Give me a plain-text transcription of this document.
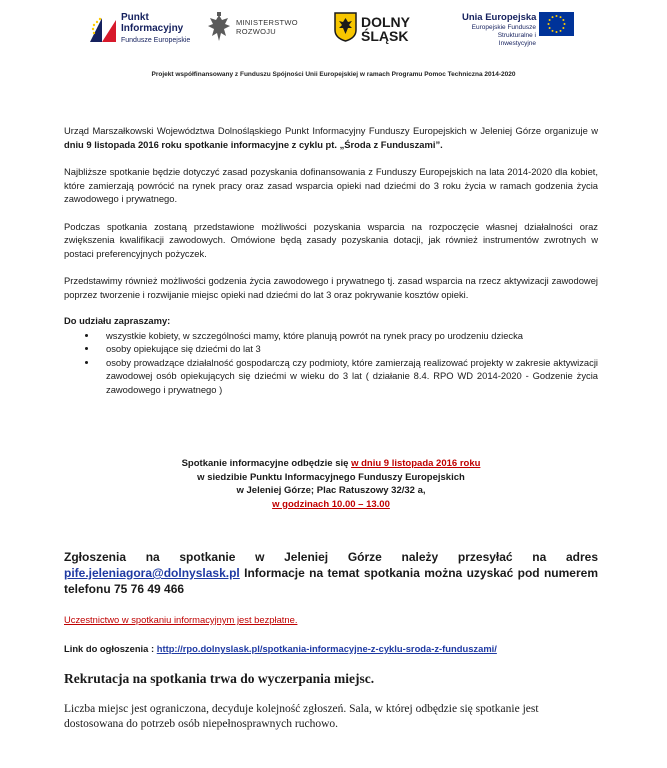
Punkt
Informacyjny
Fundusze Europejskie
MINISTERSTWO
ROZWOJU
DOLNY
ŚLĄSK
Unia Europejska
Europejskie Fundusze
Strukturalne i Inwestycyjne
Projekt współfinansowany z Funduszu Spójności Unii Europejskiej w ramach Programu Pomoc Techniczna 2014-2020

Urząd Marszałkowski Województwa Dolnośląskiego Punkt Informacyjny Funduszy Europejskich w Jeleniej Górze organizuje w dniu 9 listopada 2016 roku spotkanie informacyjne z cyklu pt. „Środa z Funduszami”.

Najbliższe spotkanie będzie dotyczyć zasad pozyskania dofinansowania z Funduszy Europejskich na lata 2014-2020 dla kobiet, które zamierzają powrócić na rynek pracy oraz zasad wsparcia opieki nad dziećmi do 3 roku życia w ramach godzenia życia zawodowego i prywatnego.

Podczas spotkania zostaną przedstawione możliwości pozyskania wsparcia na rozpoczęcie własnej działalności oraz zwiększenia kwalifikacji zawodowych. Omówione będą zasady pozyskania dotacji, jak również instrumentów zwrotnych w postaci preferencyjnych pożyczek.

Przedstawimy również możliwości godzenia życia zawodowego i prywatnego tj. zasad wsparcia na rzecz aktywizacji zawodowej poprzez tworzenie i rozwijanie miejsc opieki nad dziećmi do lat 3 oraz pokrywanie kosztów opieki.

Do udziału zapraszamy:

• wszystkie kobiety, w szczególności mamy, które planują powrót na rynek pracy po urodzeniu dziecka
• osoby opiekujące się dziećmi do lat 3
• osoby prowadzące działalność gospodarczą czy podmioty, które zamierzają realizować projekty w zakresie aktywizacji zawodowej osób opiekujących się dziećmi w wieku do 3 lat ( działanie 8.4. RPO WD 2014-2020 - Godzenie życia zawodowego i prywatnego )
Spotkanie informacyjne odbędzie się w dniu 9 listopada 2016 roku
w siedzibie Punktu Informacyjnego Funduszy Europejskich
w Jeleniej Górze; Plac Ratuszowy 32/32 a,
w godzinach 10.00 – 13.00
Zgłoszenia na spotkanie w Jeleniej Górze należy przesyłać na adres pife.jeleniagora@dolnyslask.pl Informacje na temat spotkania można uzyskać pod numerem telefonu 75 76 49 466
Uczestnictwo w spotkaniu informacyjnym jest bezpłatne.
Link do ogłoszenia : http://rpo.dolnyslask.pl/spotkania-informacyjne-z-cyklu-sroda-z-funduszami/
Rekrutacja na spotkania trwa do wyczerpania miejsc.
Liczba miejsc jest ograniczona, decyduje kolejność zgłoszeń. Sala, w której odbędzie się spotkanie jest dostosowana do potrzeb osób niepełnosprawnych ruchowo.
